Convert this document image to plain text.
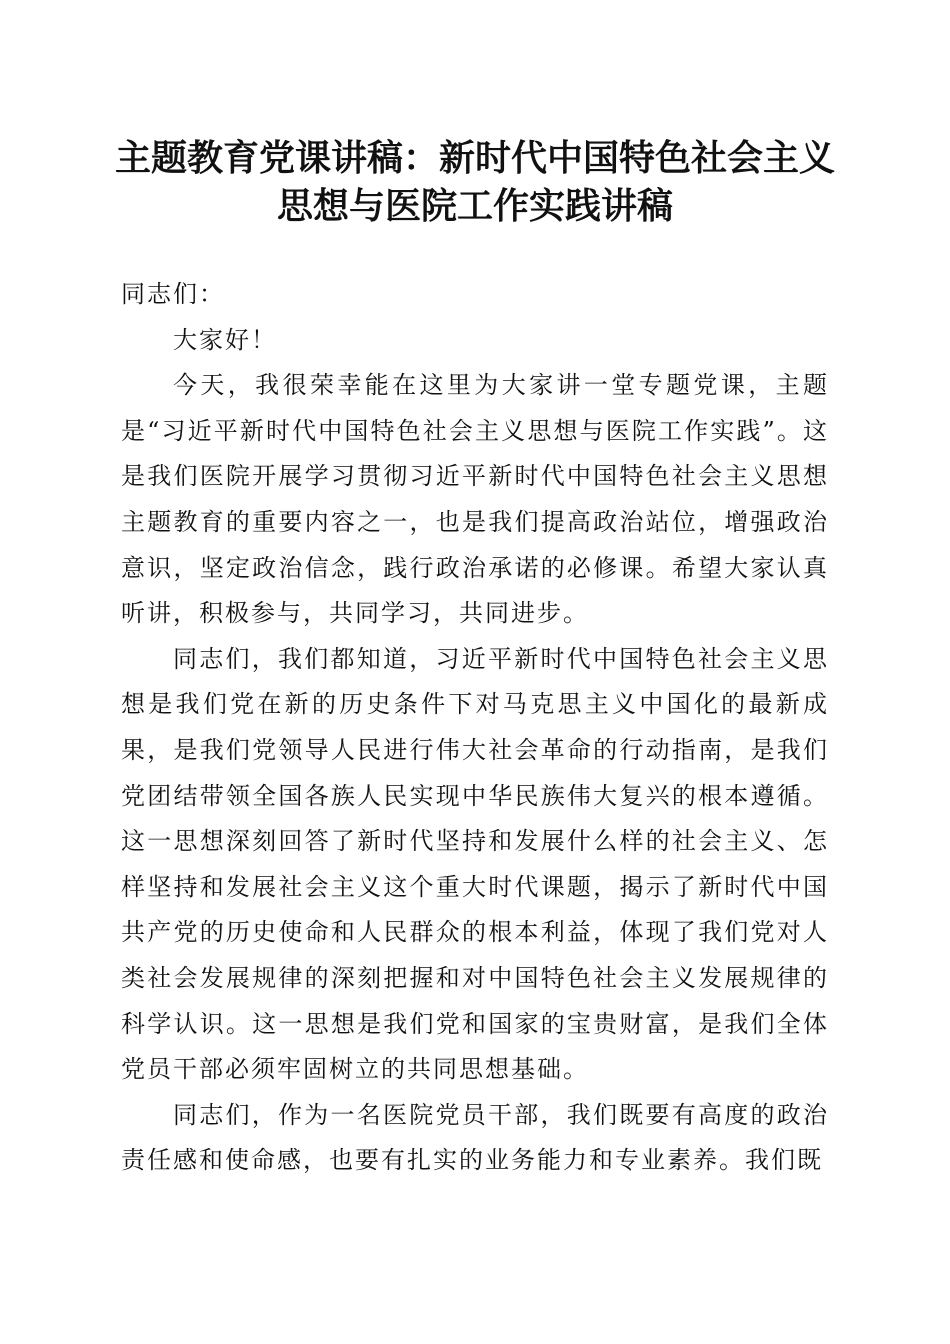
主题教育党课讲稿：新时代中国特色社会主义
思想与医院工作实践讲稿

同志们：

大家好！

今天，我很荣幸能在这里为大家讲一堂专题党课，主题是“习近平新时代中国特色社会主义思想与医院工作实践”。这是我们医院开展学习贯彻习近平新时代中国特色社会主义思想主题教育的重要内容之一，也是我们提高政治站位，增强政治意识，坚定政治信念，践行政治承诺的必修课。希望大家认真听讲，积极参与，共同学习，共同进步。

同志们，我们都知道，习近平新时代中国特色社会主义思想是我们党在新的历史条件下对马克思主义中国化的最新成果，是我们党领导人民进行伟大社会革命的行动指南，是我们党团结带领全国各族人民实现中华民族伟大复兴的根本遵循。这一思想深刻回答了新时代坚持和发展什么样的社会主义、怎样坚持和发展社会主义这个重大时代课题，揭示了新时代中国共产党的历史使命和人民群众的根本利益，体现了我们党对人类社会发展规律的深刻把握和对中国特色社会主义发展规律的科学认识。这一思想是我们党和国家的宝贵财富，是我们全体党员干部必须牢固树立的共同思想基础。

同志们，作为一名医院党员干部，我们既要有高度的政治责任感和使命感，也要有扎实的业务能力和专业素养。我们既
